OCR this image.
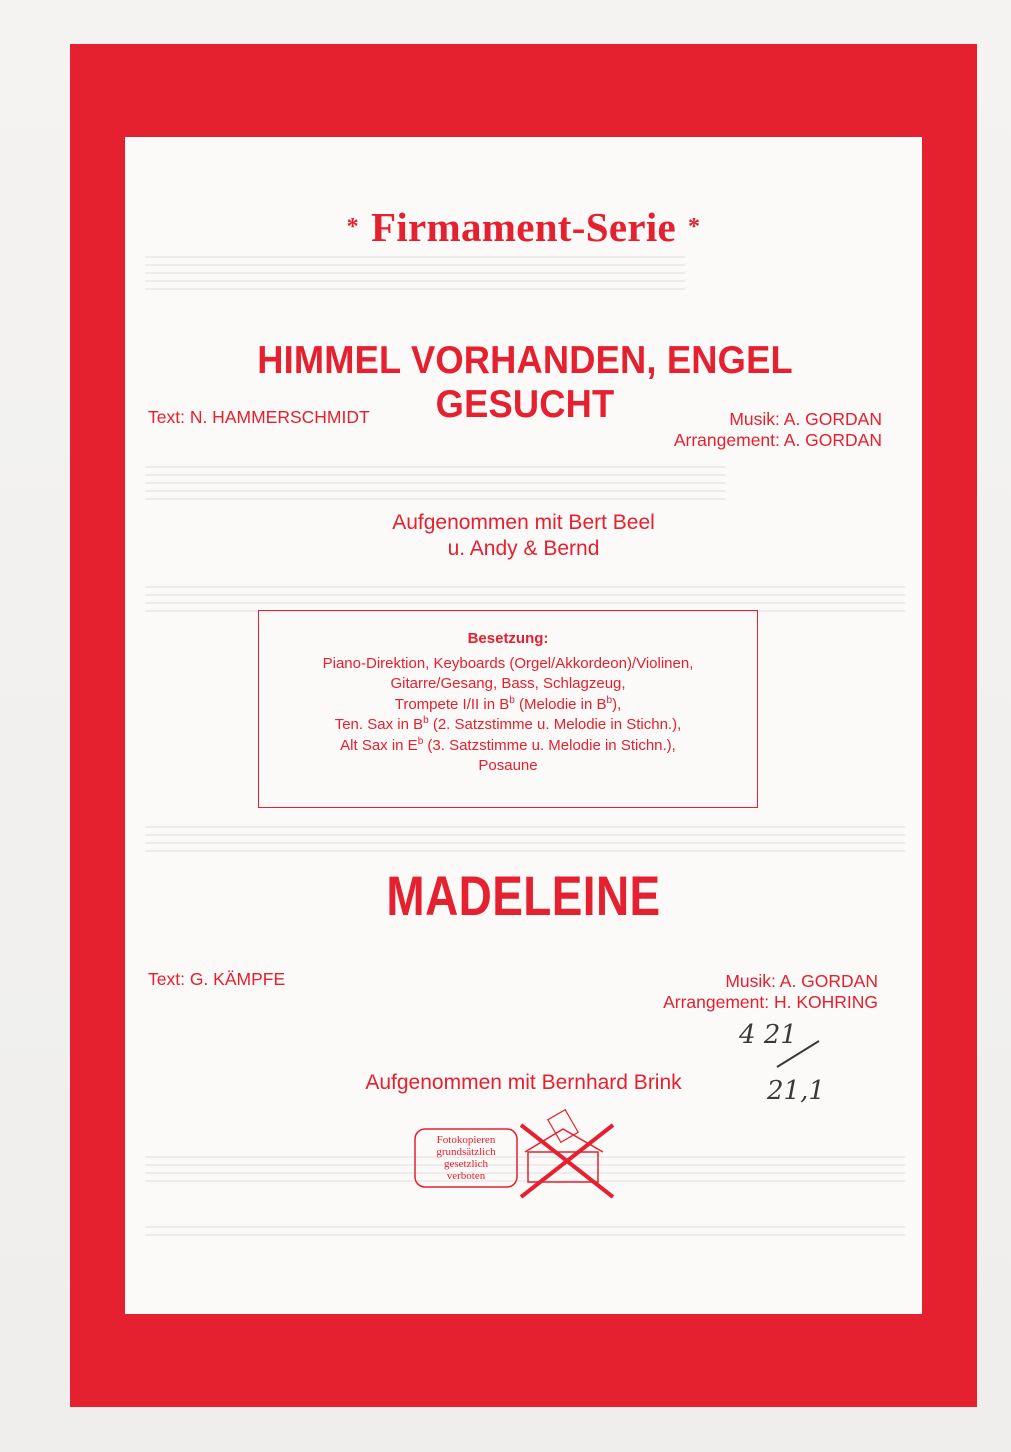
* Firmament-Serie *
HIMMEL VORHANDEN, ENGEL GESUCHT
Text: N. HAMMERSCHMIDT	Musik: A. GORDAN
Arrangement: A. GORDAN
Aufgenommen mit Bert Beel
u. Andy & Bernd
Besetzung:
Piano-Direktion, Keyboards (Orgel/Akkordeon)/Violinen,
Gitarre/Gesang, Bass, Schlagzeug,
Trompete I/II in $B^b$ (Melodie in $B^b$),
Ten. Sax in $B^b$ (2. Satzstimme u. Melodie in Stichn.),
Alt Sax in $E^b$ (3. Satzstimme u. Melodie in Stichn.),
Posaune
MADELEINE
Text: G. KÄMPFE	Musik: A. GORDAN
Arrangement: H. KOHRING
Aufgenommen mit Bernhard Brink
4 21
21,1
Fotokopieren
grundsätzlich
gesetzlich
verboten
